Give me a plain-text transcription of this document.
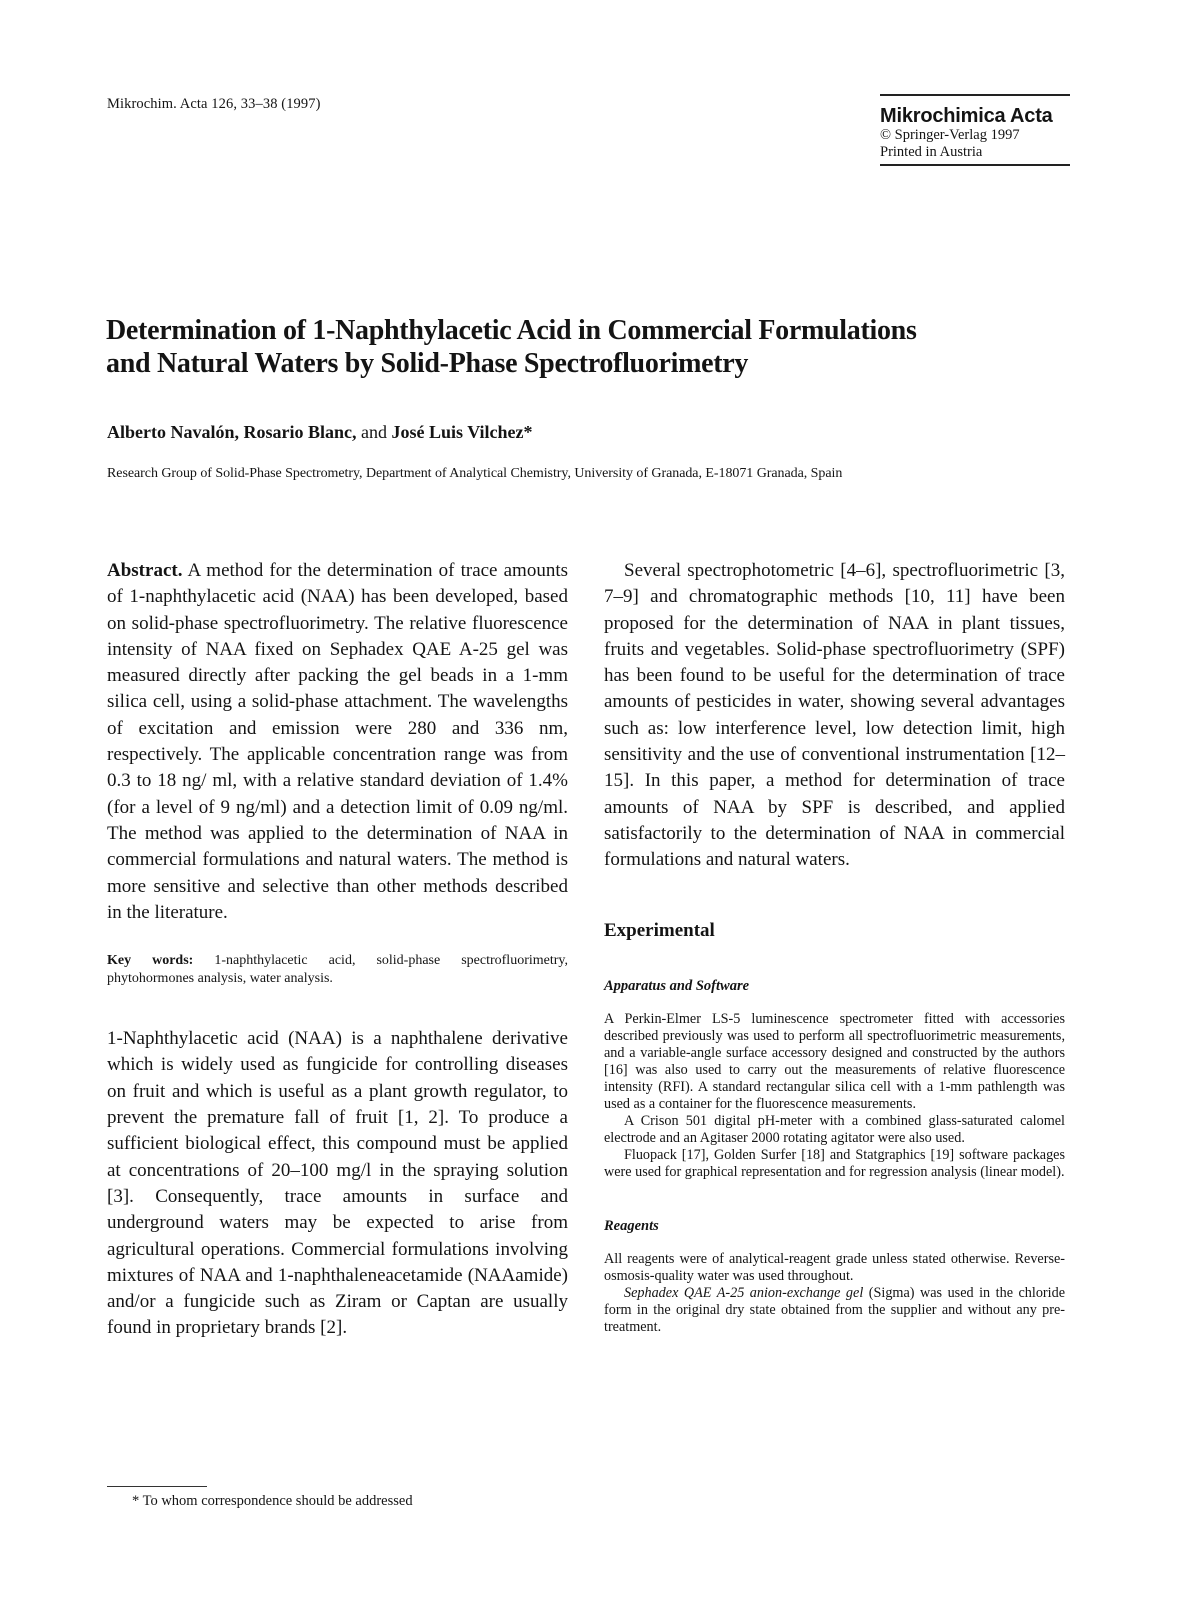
Mikrochim. Acta 126, 33–38 (1997)
Mikrochimica Acta
© Springer-Verlag 1997
Printed in Austria
Determination of 1-Naphthylacetic Acid in Commercial Formulations
and Natural Waters by Solid-Phase Spectrofluorimetry
Alberto Navalón, Rosario Blanc, and José Luis Vilchez*
Research Group of Solid-Phase Spectrometry, Department of Analytical Chemistry, University of Granada, E-18071 Granada, Spain

Abstract. A method for the determination of trace amounts of 1-naphthylacetic acid (NAA) has been developed, based on solid-phase spectrofluorimetry. The relative fluorescence intensity of NAA fixed on Sephadex QAE A-25 gel was measured directly after packing the gel beads in a 1-mm silica cell, using a solid-phase attachment. The wavelengths of excitation and emission were 280 and 336 nm, respectively. The applicable concentration range was from 0.3 to 18 ng/ ml, with a relative standard deviation of 1.4% (for a level of 9 ng/ml) and a detection limit of 0.09 ng/ml. The method was applied to the determination of NAA in commercial formulations and natural waters. The method is more sensitive and selective than other methods described in the literature.

Key words: 1-naphthylacetic acid, solid-phase spectrofluorimetry, phytohormones analysis, water analysis.

1-Naphthylacetic acid (NAA) is a naphthalene derivative which is widely used as fungicide for controlling diseases on fruit and which is useful as a plant growth regulator, to prevent the premature fall of fruit [1, 2]. To produce a sufficient biological effect, this compound must be applied at concentrations of 20–100 mg/l in the spraying solution [3]. Consequently, trace amounts in surface and underground waters may be expected to arise from agricultural operations. Commercial formulations involving mixtures of NAA and 1-naphthaleneacetamide (NAAamide) and/or a fungicide such as Ziram or Captan are usually found in proprietary brands [2].

Several spectrophotometric [4–6], spectrofluorimetric [3, 7–9] and chromatographic methods [10, 11] have been proposed for the determination of NAA in plant tissues, fruits and vegetables. Solid-phase spectrofluorimetry (SPF) has been found to be useful for the determination of trace amounts of pesticides in water, showing several advantages such as: low interference level, low detection limit, high sensitivity and the use of conventional instrumentation [12–15]. In this paper, a method for determination of trace amounts of NAA by SPF is described, and applied satisfactorily to the determination of NAA in commercial formulations and natural waters.

Experimental
Apparatus and Software

A Perkin-Elmer LS-5 luminescence spectrometer fitted with accessories described previously was used to perform all spectrofluorimetric measurements, and a variable-angle surface accessory designed and constructed by the authors [16] was also used to carry out the measurements of relative fluorescence intensity (RFI). A standard rectangular silica cell with a 1-mm pathlength was used as a container for the fluorescence measurements.

A Crison 501 digital pH-meter with a combined glass-saturated calomel electrode and an Agitaser 2000 rotating agitator were also used.

Fluopack [17], Golden Surfer [18] and Statgraphics [19] software packages were used for graphical representation and for regression analysis (linear model).

Reagents

All reagents were of analytical-reagent grade unless stated otherwise. Reverse-osmosis-quality water was used throughout.

Sephadex QAE A-25 anion-exchange gel (Sigma) was used in the chloride form in the original dry state obtained from the supplier and without any pre-treatment.

* To whom correspondence should be addressed
